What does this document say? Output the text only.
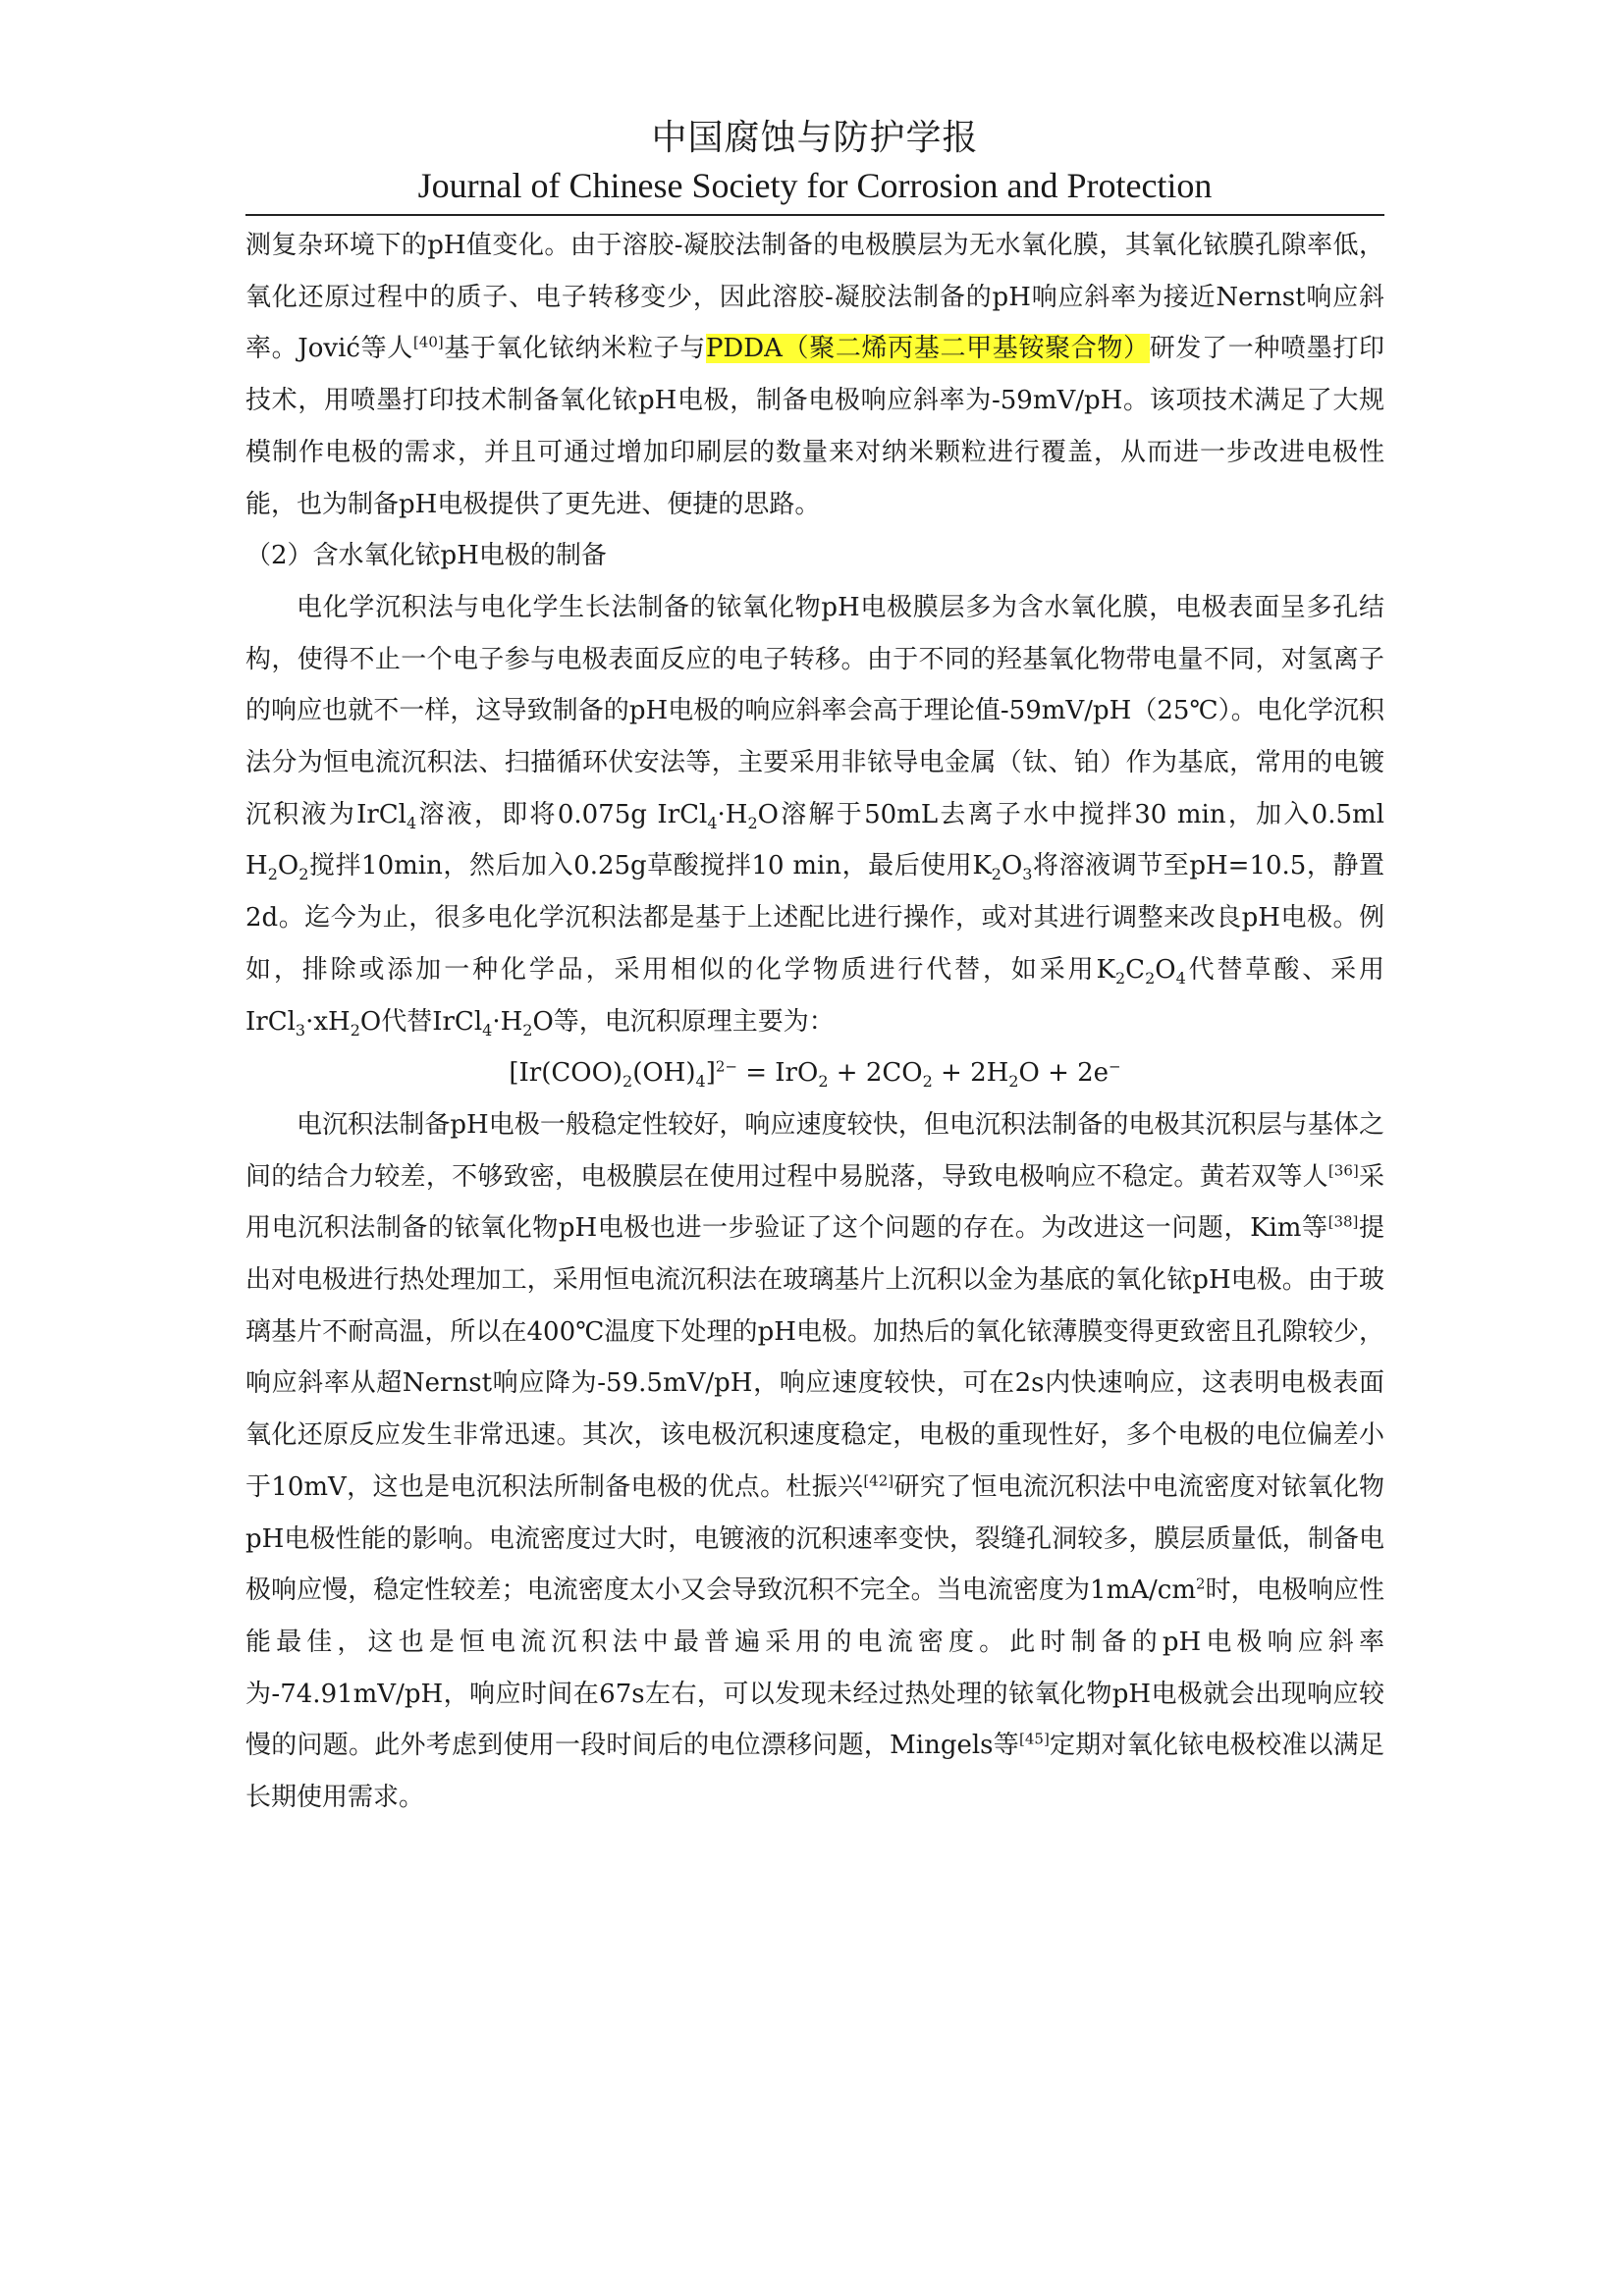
中国腐蚀与防护学报
Journal of Chinese Society for Corrosion and Protection

测复杂环境下的pH值变化。由于溶胶-凝胶法制备的电极膜层为无水氧化膜，其氧化铱膜孔隙率低，氧化还原过程中的质子、电子转移变少，因此溶胶-凝胶法制备的pH响应斜率为接近Nernst响应斜率。Jović等人[40]基于氧化铱纳米粒子与PDDA（聚二烯丙基二甲基铵聚合物）研发了一种喷墨打印技术，用喷墨打印技术制备氧化铱pH电极，制备电极响应斜率为-59mV/pH。该项技术满足了大规模制作电极的需求，并且可通过增加印刷层的数量来对纳米颗粒进行覆盖，从而进一步改进电极性能，也为制备pH电极提供了更先进、便捷的思路。

（2）含水氧化铱pH电极的制备

电化学沉积法与电化学生长法制备的铱氧化物pH电极膜层多为含水氧化膜，电极表面呈多孔结构，使得不止一个电子参与电极表面反应的电子转移。由于不同的羟基氧化物带电量不同，对氢离子的响应也就不一样，这导致制备的pH电极的响应斜率会高于理论值-59mV/pH（25℃）。电化学沉积法分为恒电流沉积法、扫描循环伏安法等，主要采用非铱导电金属（钛、铂）作为基底，常用的电镀沉积液为IrCl$_4$溶液，即将0.075g $IrCl_4\cdot H_2O$溶解于50mL去离子水中搅拌30 min，加入0.5ml $H_2O_2$搅拌10min，然后加入0.25g草酸搅拌10 min，最后使用$K_2O_3$将溶液调节至pH=10.5，静置2d。迄今为止，很多电化学沉积法都是基于上述配比进行操作，或对其进行调整来改良pH电极。例如，排除或添加一种化学品，采用相似的化学物质进行代替，如采用$K_2C_2O_4$代替草酸、采用$IrCl_3\cdot xH_2O$代替$IrCl_4\cdot H_2O$等，电沉积原理主要为：

$[Ir(COO)_2(OH)_4]^{2-} = IrO_2 + 2CO_2 + 2H_2O + 2e^-$

电沉积法制备pH电极一般稳定性较好，响应速度较快，但电沉积法制备的电极其沉积层与基体之间的结合力较差，不够致密，电极膜层在使用过程中易脱落，导致电极响应不稳定。黄若双等人[36]采用电沉积法制备的铱氧化物pH电极也进一步验证了这个问题的存在。为改进这一问题，Kim等[38]提出对电极进行热处理加工，采用恒电流沉积法在玻璃基片上沉积以金为基底的氧化铱pH电极。由于玻璃基片不耐高温，所以在400℃温度下处理的pH电极。加热后的氧化铱薄膜变得更致密且孔隙较少，响应斜率从超Nernst响应降为-59.5mV/pH，响应速度较快，可在2s内快速响应，这表明电极表面氧化还原反应发生非常迅速。其次，该电极沉积速度稳定，电极的重现性好，多个电极的电位偏差小于10mV，这也是电沉积法所制备电极的优点。杜振兴[42]研究了恒电流沉积法中电流密度对铱氧化物pH电极性能的影响。电流密度过大时，电镀液的沉积速率变快，裂缝孔洞较多，膜层质量低，制备电极响应慢，稳定性较差；电流密度太小又会导致沉积不完全。当电流密度为$1mA/cm^2$时，电极响应性能最佳，这也是恒电流沉积法中最普遍采用的电流密度。此时制备的pH电极响应斜率为-74.91mV/pH，响应时间在67s左右，可以发现未经过热处理的铱氧化物pH电极就会出现响应较慢的问题。此外考虑到使用一段时间后的电位漂移问题，Mingels等[45]定期对氧化铱电极校准以满足长期使用需求。
